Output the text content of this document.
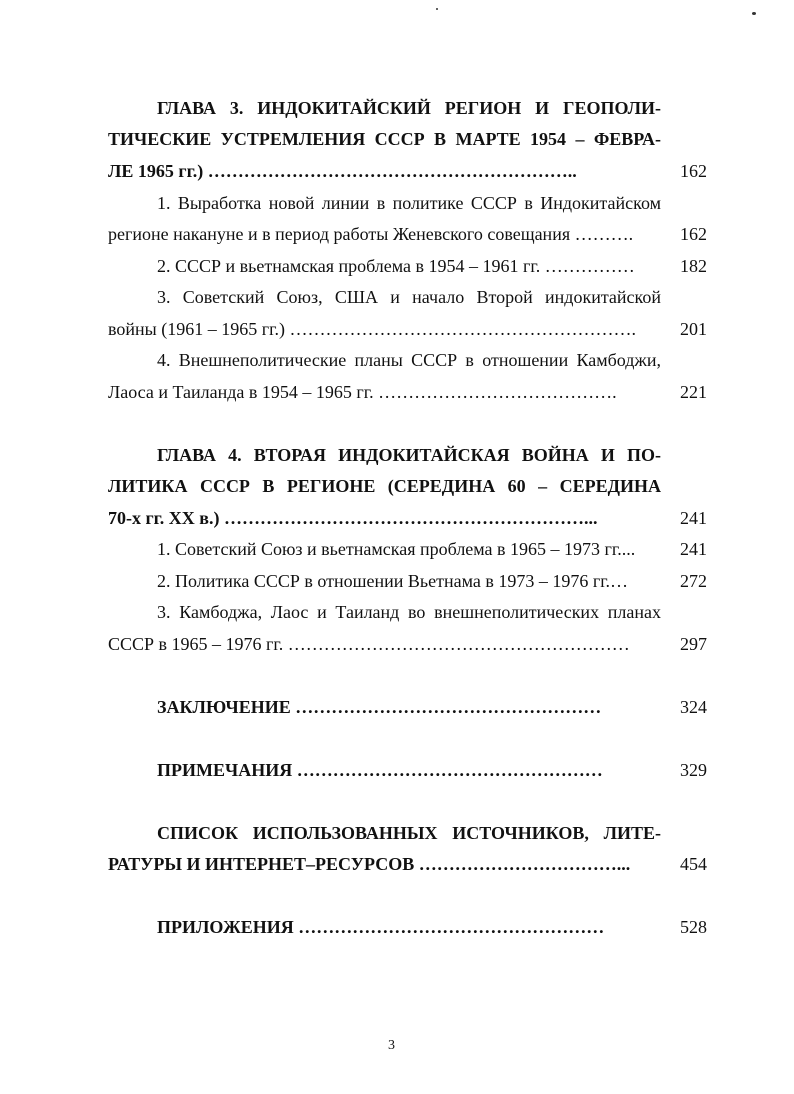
ГЛАВА 3. ИНДОКИТАЙСКИЙ РЕГИОН И ГЕОПОЛИ-
ТИЧЕСКИЕ УСТРЕМЛЕНИЯ СССР В МАРТЕ 1954 – ФЕВРА-
ЛЕ 1965 гг.) ……………………………………………………..	162
1. Выработка новой линии в политике СССР в Индокитайском
регионе накануне и в период работы Женевского совещания ……….	162
2. СССР и вьетнамская проблема в 1954 – 1961 гг. ……………	182
3. Советский Союз, США и начало Второй индокитайской
войны (1961 – 1965 гг.) ………………………………………………….	201
4. Внешнеполитические планы СССР в отношении Камбоджи,
Лаоса и Таиланда в 1954 – 1965 гг. ………………………………….	221
ГЛАВА 4. ВТОРАЯ ИНДОКИТАЙСКАЯ ВОЙНА И ПО-
ЛИТИКА СССР В РЕГИОНЕ (СЕРЕДИНА 60 – СЕРЕДИНА
70-х гг. XX в.) ……………………………………………………...	241
1. Советский Союз и вьетнамская проблема в 1965 – 1973 гг....	241
2. Политика СССР в отношении Вьетнама в 1973 – 1976 гг.…	272
3. Камбоджа, Лаос и Таиланд во внешнеполитических планах
СССР в 1965 – 1976 гг. …………………………………………………	297
ЗАКЛЮЧЕНИЕ ……………………………………………	324
ПРИМЕЧАНИЯ ……………………………………………	329
СПИСОК ИСПОЛЬЗОВАННЫХ ИСТОЧНИКОВ, ЛИТЕ-
РАТУРЫ И ИНТЕРНЕТ–РЕСУРСОВ ……………………………...	454
ПРИЛОЖЕНИЯ ……………………………………………	528
3
